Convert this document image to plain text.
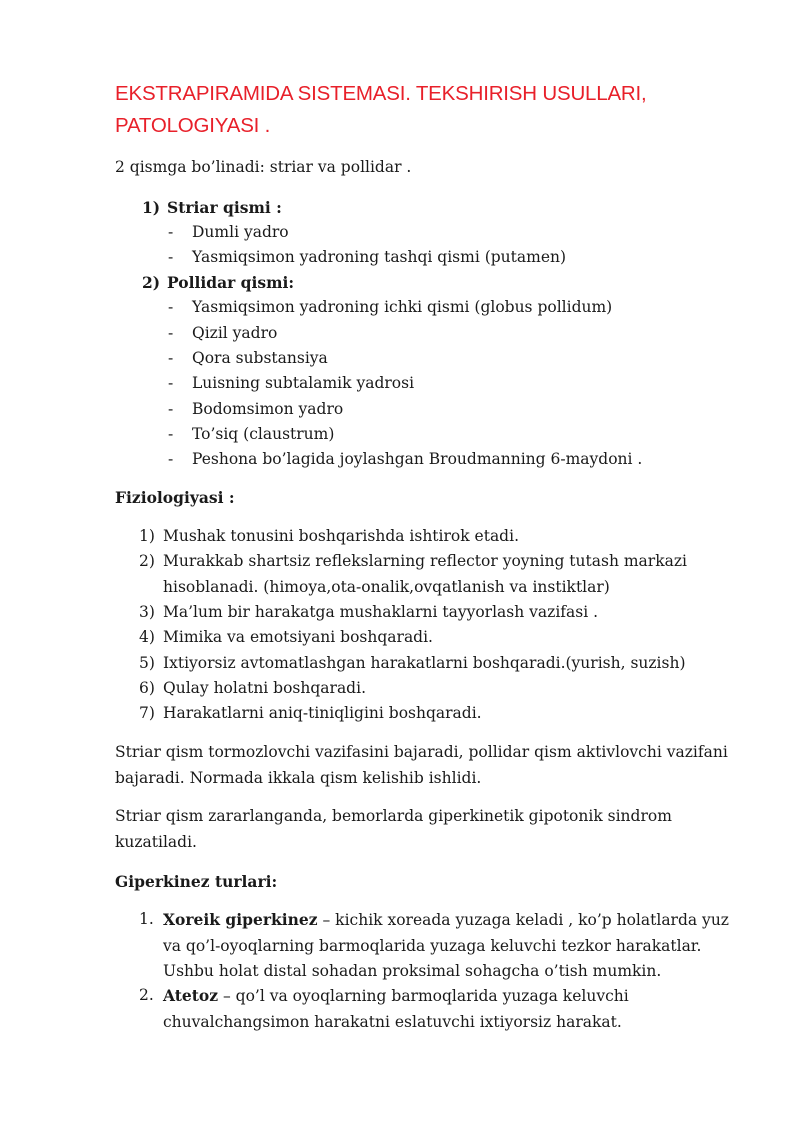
EKSTRAPIRAMIDA SISTEMASI. TEKSHIRISH USULLARI, PATOLOGIYASI .

2 qismgа bo’linadi: striar va pollidar .

1) Striar qismi :
- Dumli yadro
- Yasmiqsimon yadroning tashqi qismi (putamen)
2) Pollidar qismi:
- Yasmiqsimon yadroning ichki qismi (globus pollidum)
- Qizil yadro
- Qora substansiya
- Luisning subtalamik yadrosi
- Bodomsimon yadro
- To’siq (claustrum)
- Peshona bo’lagida joylashgan Broudmanning 6-maydoni .

Fiziologiyasi :

1) Mushak tonusini boshqarishda ishtirok etadi.
2) Murakkab shartsiz reflekslarning reflector yoyning tutash markazi hisoblanadi. (himoya,ota-onalik,ovqatlanish va instiktlar)
3) Ma’lum bir harakatga mushaklarni tayyorlash vazifasi .
4) Mimika va emotsiyani boshqaradi.
5) Ixtiyorsiz avtomatlashgan harakatlarni boshqaradi.(yurish, suzish)
6) Qulay holatni boshqaradi.
7) Harakatlarni aniq-tiniqligini boshqaradi.

Striar qism tormozlovchi vazifasini bajaradi, pollidar qism aktivlovchi vazifani bajaradi. Normada ikkala qism kelishib ishlidi.

Striar qism zararlanganda, bemorlarda giperkinetik gipotonik sindrom kuzatiladi.

Giperkinez turlari:

1. Xoreik giperkinez – kichik xoreada yuzaga keladi , ko’p holatlarda yuz va qo’l-oyoqlarning barmoqlarida yuzaga keluvchi tezkor harakatlar. Ushbu holat distal sohadan proksimal sohagcha o’tish mumkin.
2. Atetoz – qo’l va oyoqlarning barmoqlarida yuzaga keluvchi chuvalchangsimon harakatni eslatuvchi ixtiyorsiz harakat.
